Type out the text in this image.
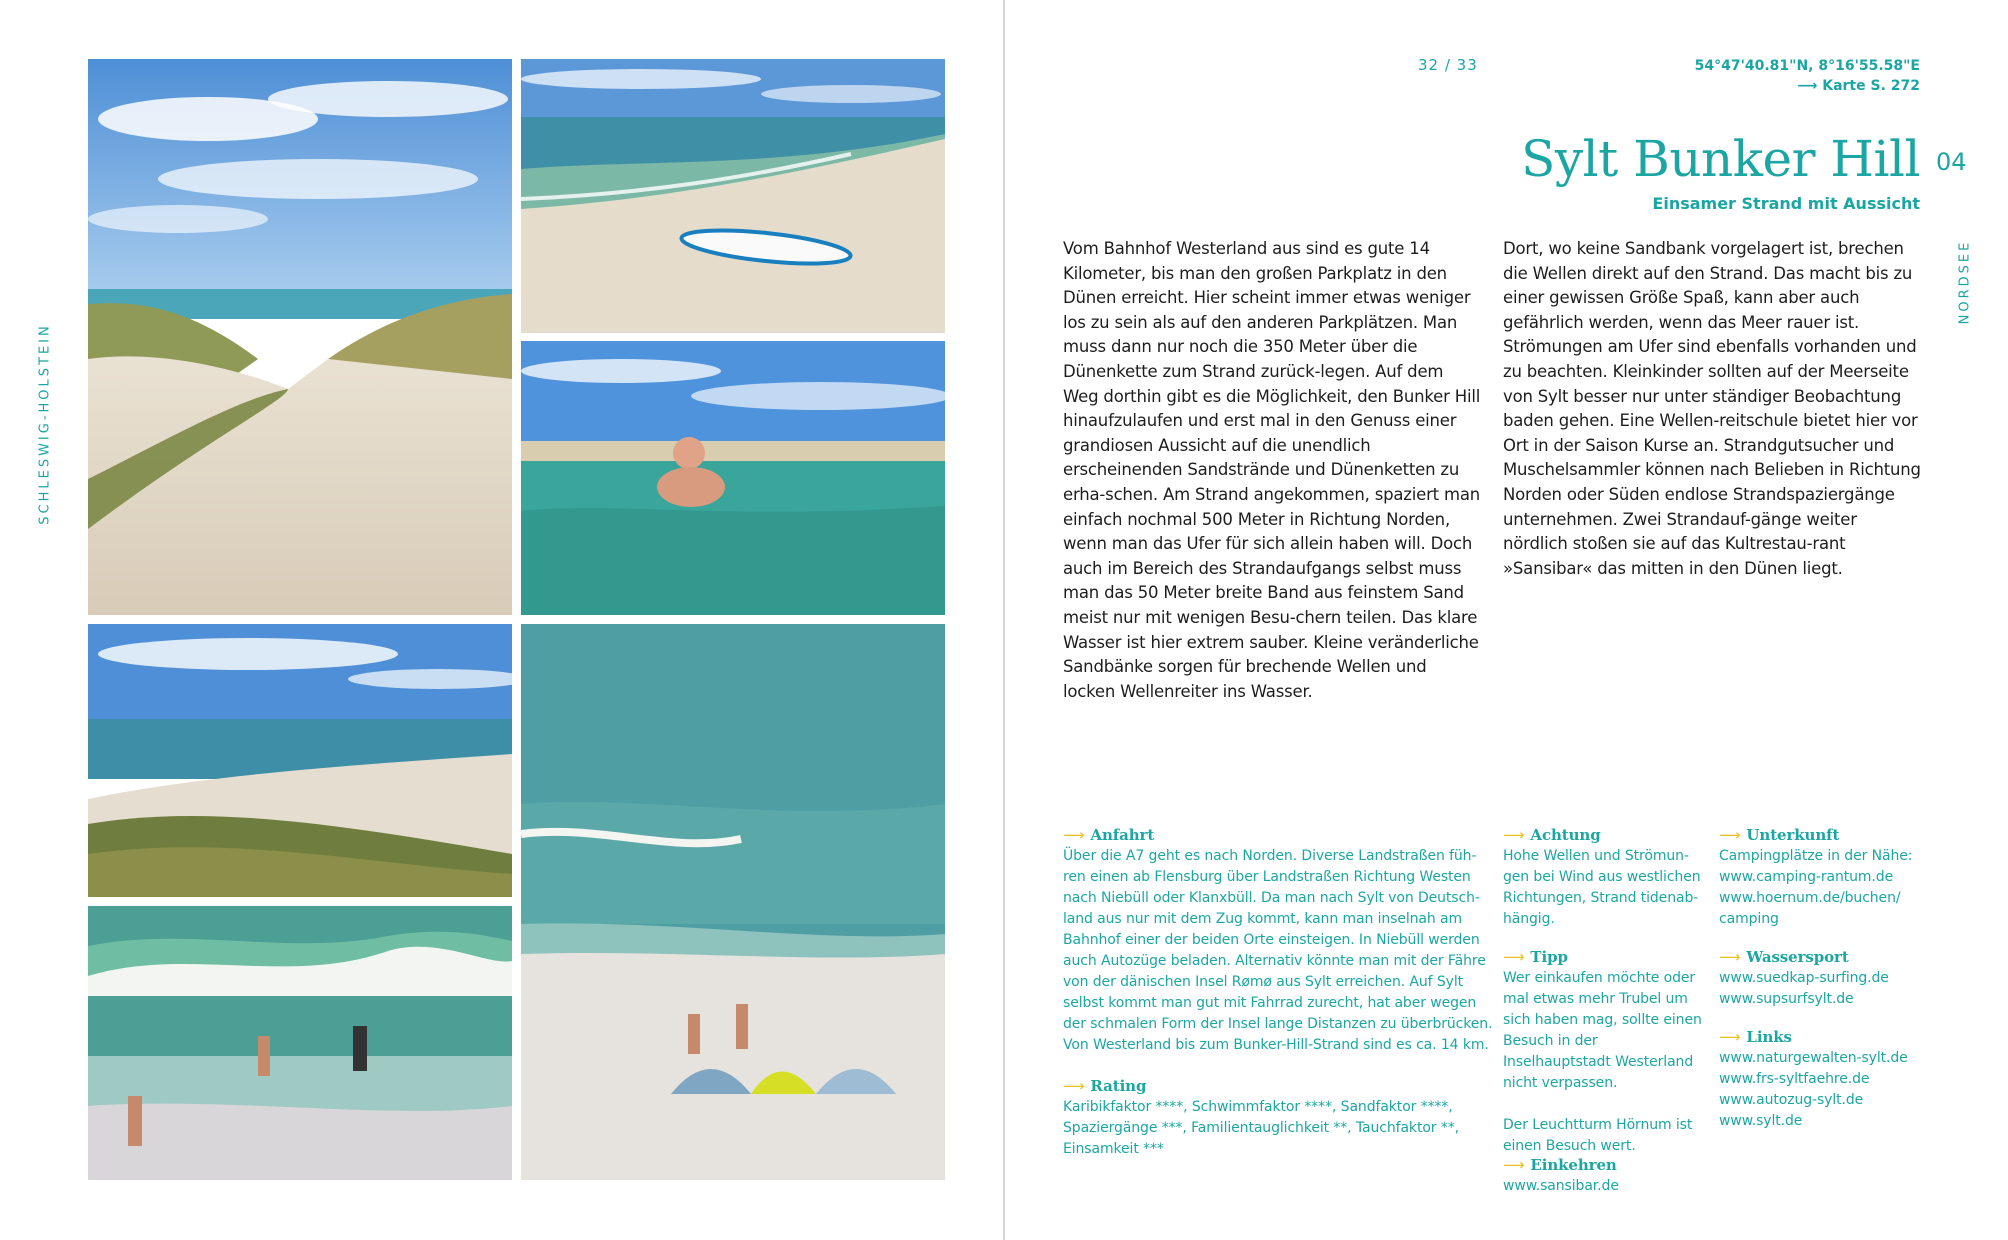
SCHLESWIG-HOLSTEIN
32 / 33	54°47'40.81"N, 8°16'55.58"E
⟶ Karte S. 272
Sylt Bunker Hill 04
Einsamer Strand mit Aussicht
NORDSEE
Vom Bahnhof Westerland aus sind es gute 14 Kilometer, bis man den großen Parkplatz in den Dünen erreicht. Hier scheint immer etwas weniger los zu sein als auf den anderen Parkplätzen. Man muss dann nur noch die 350 Meter über die Dünenkette zum Strand zurück-legen. Auf dem Weg dorthin gibt es die Möglichkeit, den Bunker Hill hinaufzulaufen und erst mal in den Genuss einer grandiosen Aussicht auf die unendlich erscheinenden Sandstrände und Dünenketten zu erha-schen. Am Strand angekommen, spaziert man einfach nochmal 500 Meter in Richtung Norden, wenn man das Ufer für sich allein haben will. Doch auch im Bereich des Strandaufgangs selbst muss man das 50 Meter breite Band aus feinstem Sand meist nur mit wenigen Besu-chern teilen. Das klare Wasser ist hier extrem sauber. Kleine veränderliche Sandbänke sorgen für brechende Wellen und locken Wellenreiter ins Wasser.
Dort, wo keine Sandbank vorgelagert ist, brechen die Wellen direkt auf den Strand. Das macht bis zu einer gewissen Größe Spaß, kann aber auch gefährlich werden, wenn das Meer rauer ist. Strömungen am Ufer sind ebenfalls vorhanden und zu beachten. Kleinkinder sollten auf der Meerseite von Sylt besser nur unter ständiger Beobachtung baden gehen. Eine Wellen-reitschule bietet hier vor Ort in der Saison Kurse an. Strandgutsucher und Muschelsammler können nach Belieben in Richtung Norden oder Süden endlose Strandspaziergänge unternehmen. Zwei Strandauf-gänge weiter nördlich stoßen sie auf das Kultrestau-rant »Sansibar« das mitten in den Dünen liegt.
⟶ Anfahrt

Über die A7 geht es nach Norden. Diverse Landstraßen füh-ren einen ab Flensburg über Landstraßen Richtung Westen nach Niebüll oder Klanxbüll. Da man nach Sylt von Deutsch-land aus nur mit dem Zug kommt, kann man inselnah am Bahnhof einer der beiden Orte einsteigen. In Niebüll werden auch Autozüge beladen. Alternativ könnte man mit der Fähre von der dänischen Insel Rømø aus Sylt erreichen. Auf Sylt selbst kommt man gut mit Fahrrad zurecht, hat aber wegen der schmalen Form der Insel lange Distanzen zu überbrücken. Von Westerland bis zum Bunker-Hill-Strand sind es ca. 14 km.

⟶ Rating

Karibikfaktor ****, Schwimmfaktor ****, Sandfaktor ****, Spaziergänge ***, Familientauglichkeit **, Tauchfaktor **, Einsamkeit ***

⟶ Achtung

Hohe Wellen und Strömun-gen bei Wind aus westlichen Richtungen, Strand tidenab-hängig.

⟶ Tipp

Wer einkaufen möchte oder mal etwas mehr Trubel um sich haben mag, sollte einen Besuch in der Inselhauptstadt Westerland nicht verpassen.

Der Leuchtturm Hörnum ist einen Besuch wert.

⟶ Einkehren
www.sansibar.de
⟶ Unterkunft

Campingplätze in der Nähe:

www.camping-rantum.de
www.hoernum.de/buchen/ camping
⟶ Wassersport
www.suedkap-surfing.de
www.supsurfsylt.de
⟶ Links
www.naturgewalten-sylt.de
www.frs-syltfaehre.de
www.autozug-sylt.de
www.sylt.de
